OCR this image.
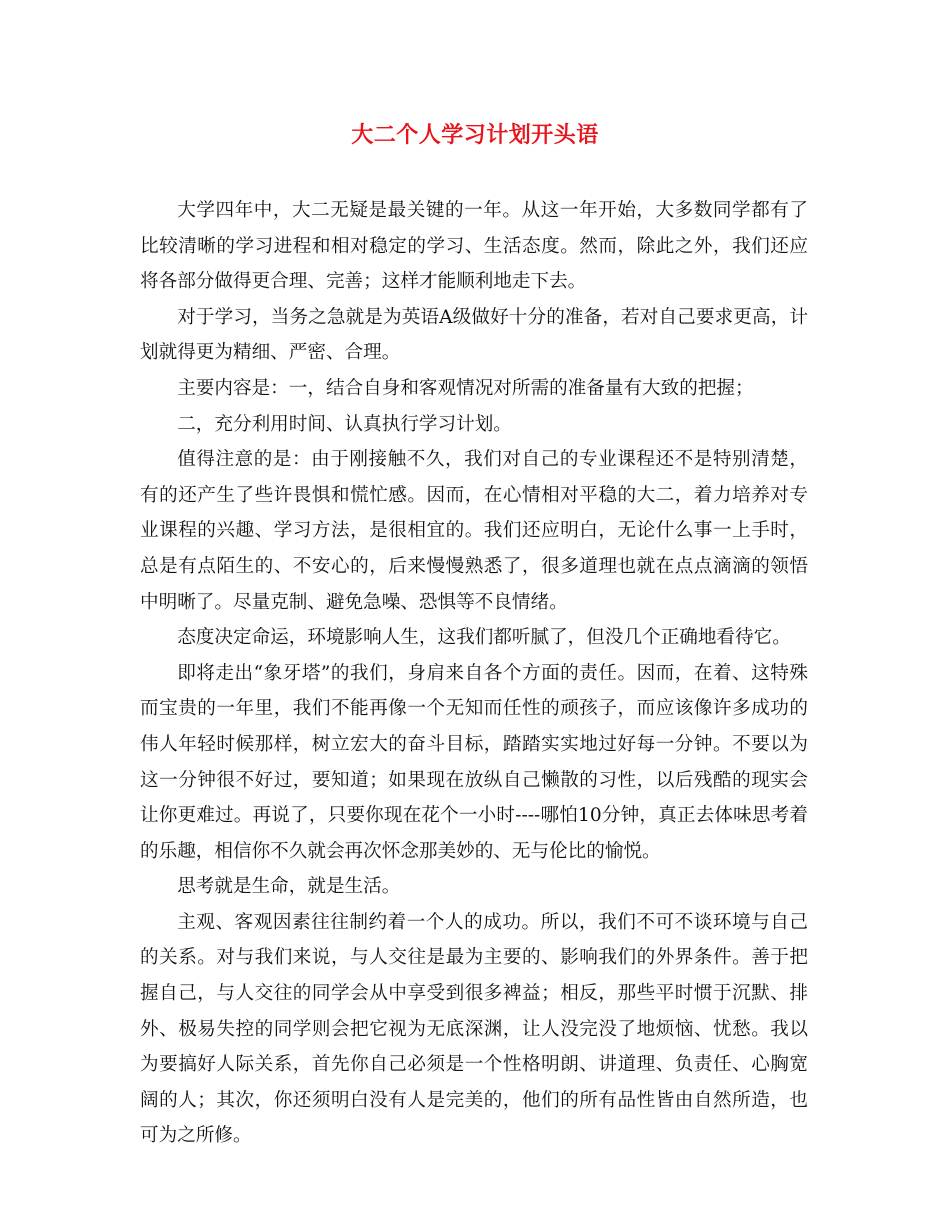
大二个人学习计划开头语

大学四年中，大二无疑是最关键的一年。从这一年开始，大多数同学都有了比较清晰的学习进程和相对稳定的学习、生活态度。然而，除此之外，我们还应将各部分做得更合理、完善；这样才能顺利地走下去。

对于学习，当务之急就是为英语A级做好十分的准备，若对自己要求更高，计划就得更为精细、严密、合理。

主要内容是：一，结合自身和客观情况对所需的准备量有大致的把握；

二，充分利用时间、认真执行学习计划。

值得注意的是：由于刚接触不久，我们对自己的专业课程还不是特别清楚，有的还产生了些许畏惧和慌忙感。因而，在心情相对平稳的大二，着力培养对专业课程的兴趣、学习方法，是很相宜的。我们还应明白，无论什么事一上手时，总是有点陌生的、不安心的，后来慢慢熟悉了，很多道理也就在点点滴滴的领悟中明晰了。尽量克制、避免急噪、恐惧等不良情绪。

态度决定命运，环境影响人生，这我们都听腻了，但没几个正确地看待它。

即将走出“象牙塔”的我们，身肩来自各个方面的责任。因而，在着、这特殊而宝贵的一年里，我们不能再像一个无知而任性的顽孩子，而应该像许多成功的伟人年轻时候那样，树立宏大的奋斗目标，踏踏实实地过好每一分钟。不要以为这一分钟很不好过，要知道；如果现在放纵自己懒散的习性，以后残酷的现实会让你更难过。再说了，只要你现在花个一小时----哪怕10分钟，真正去体味思考着的乐趣，相信你不久就会再次怀念那美妙的、无与伦比的愉悦。

思考就是生命，就是生活。

主观、客观因素往往制约着一个人的成功。所以，我们不可不谈环境与自己的关系。对与我们来说，与人交往是最为主要的、影响我们的外界条件。善于把握自己，与人交往的同学会从中享受到很多裨益；相反，那些平时惯于沉默、排外、极易失控的同学则会把它视为无底深渊，让人没完没了地烦恼、忧愁。我以为要搞好人际关系，首先你自己必须是一个性格明朗、讲道理、负责任、心胸宽阔的人；其次，你还须明白没有人是完美的，他们的所有品性皆由自然所造，也可为之所修。
